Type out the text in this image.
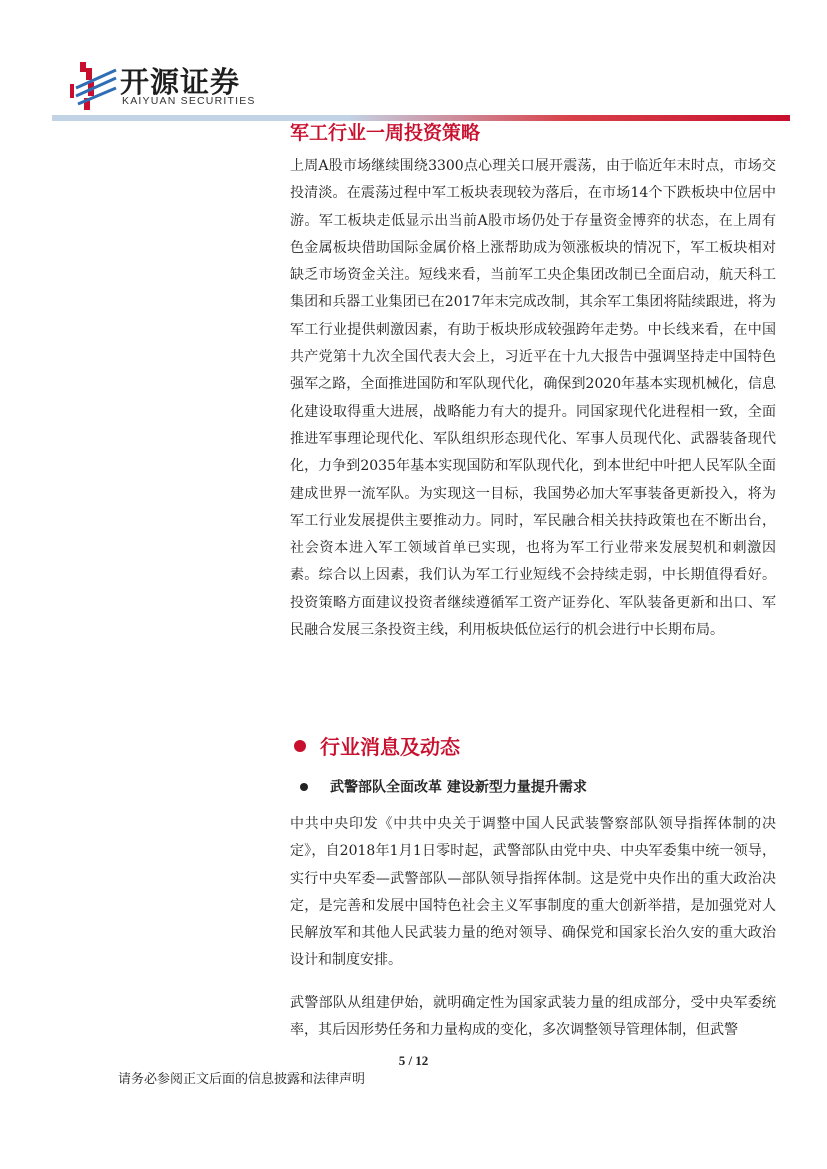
开源证券
KAIYUAN SECURITIES
军工行业一周投资策略

上周A股市场继续围绕3300点心理关口展开震荡，由于临近年末时点，市场交投清淡。在震荡过程中军工板块表现较为落后，在市场14个下跌板块中位居中游。军工板块走低显示出当前A股市场仍处于存量资金博弈的状态，在上周有色金属板块借助国际金属价格上涨帮助成为领涨板块的情况下，军工板块相对缺乏市场资金关注。短线来看，当前军工央企集团改制已全面启动，航天科工集团和兵器工业集团已在2017年末完成改制，其余军工集团将陆续跟进，将为军工行业提供刺激因素，有助于板块形成较强跨年走势。中长线来看，在中国共产党第十九次全国代表大会上，习近平在十九大报告中强调坚持走中国特色强军之路，全面推进国防和军队现代化，确保到2020年基本实现机械化，信息化建设取得重大进展，战略能力有大的提升。同国家现代化进程相一致，全面推进军事理论现代化、军队组织形态现代化、军事人员现代化、武器装备现代化，力争到2035年基本实现国防和军队现代化，到本世纪中叶把人民军队全面建成世界一流军队。为实现这一目标，我国势必加大军事装备更新投入，将为军工行业发展提供主要推动力。同时，军民融合相关扶持政策也在不断出台，社会资本进入军工领域首单已实现，也将为军工行业带来发展契机和刺激因素。综合以上因素，我们认为军工行业短线不会持续走弱，中长期值得看好。投资策略方面建议投资者继续遵循军工资产证券化、军队装备更新和出口、军民融合发展三条投资主线，利用板块低位运行的机会进行中长期布局。

行业消息及动态
武警部队全面改革 建设新型力量提升需求

中共中央印发《中共中央关于调整中国人民武装警察部队领导指挥体制的决定》，自2018年1月1日零时起，武警部队由党中央、中央军委集中统一领导，实行中央军委—武警部队—部队领导指挥体制。这是党中央作出的重大政治决定，是完善和发展中国特色社会主义军事制度的重大创新举措，是加强党对人民解放军和其他人民武装力量的绝对领导、确保党和国家长治久安的重大政治设计和制度安排。

武警部队从组建伊始，就明确定性为国家武装力量的组成部分，受中央军委统率，其后因形势任务和力量构成的变化，多次调整领导管理体制，但武警

5 / 12
请务必参阅正文后面的信息披露和法律声明
